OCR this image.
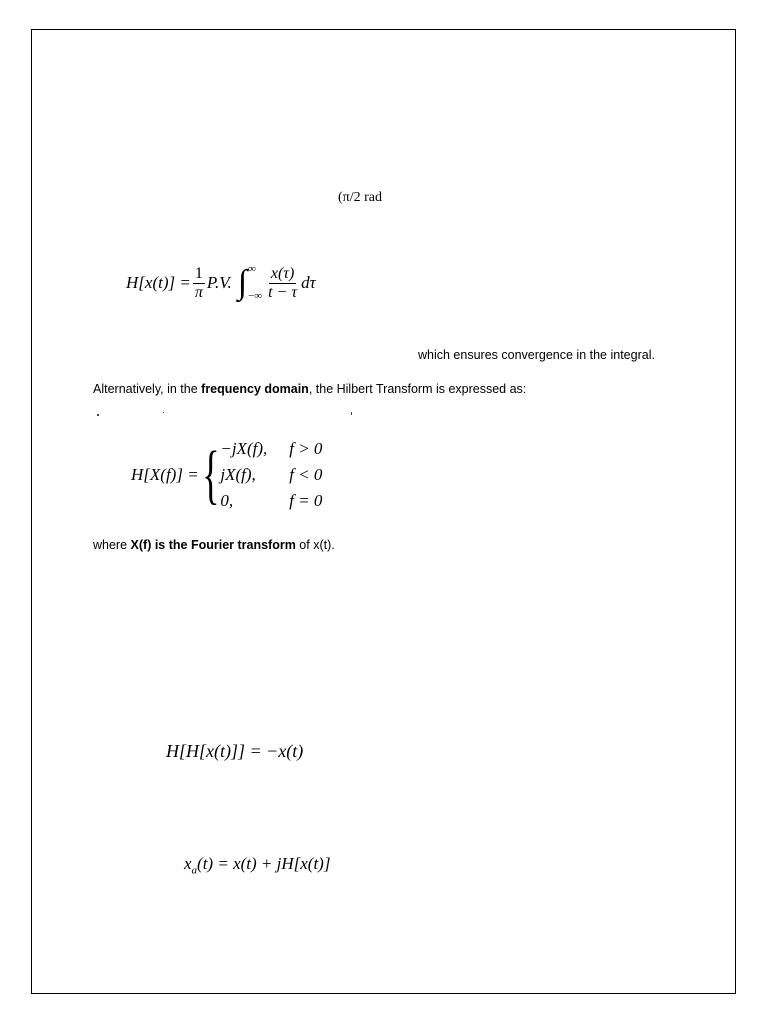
(π/2 rad
$H[x(t)] = \frac{1}{\pi} P.V$. ∫ ∞
−∞ $\frac{x(\tau)}{t - \tau}$ dτ
which ensures convergence in the integral.
Alternatively, in the frequency domain, the Hilbert Transform is expressed as:
H[X(f)] = { −jX(f), f > 0
jX(f),	f < 0
0,	f = 0
where X(f) is the Fourier transform of x(t).
H[H[x(t)]] = −x(t)
$x_a(t) = x(t) + jH[x(t)]$
